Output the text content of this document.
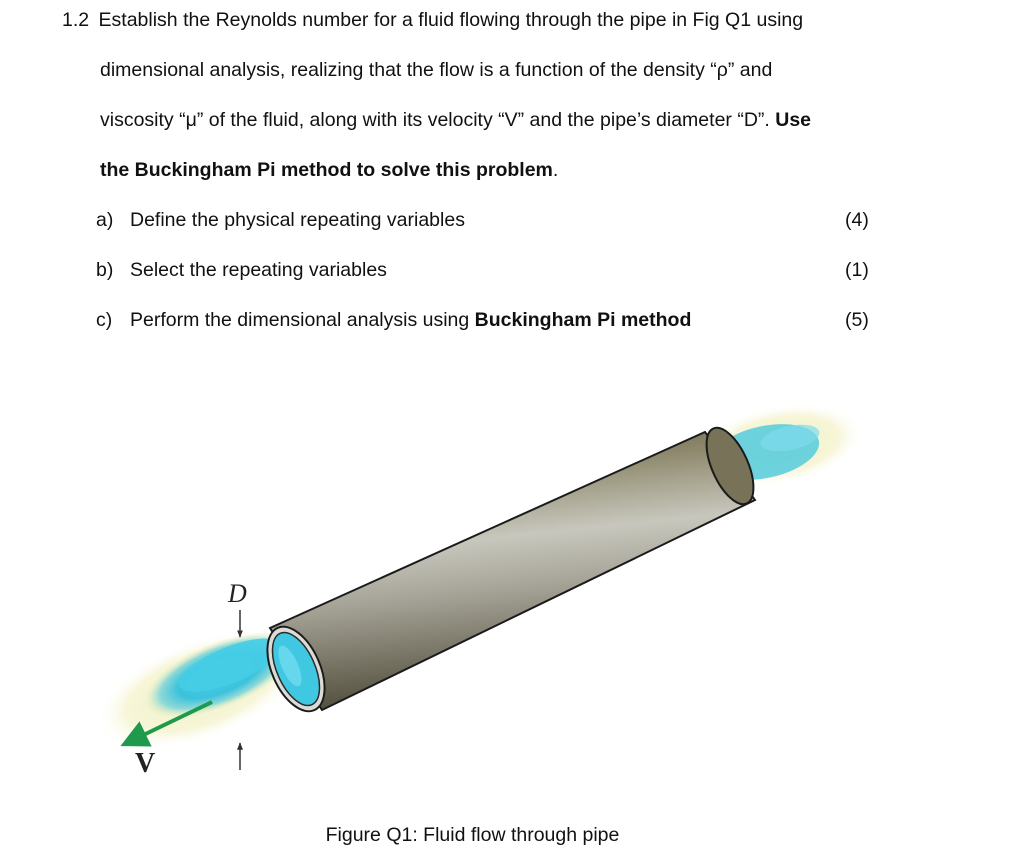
1.2 Establish the Reynolds number for a fluid flowing through the pipe in Fig Q1 using
dimensional analysis, realizing that the flow is a function of the density “ρ” and
viscosity “μ” of the fluid, along with its velocity “V” and the pipe’s diameter “D”. Use
the Buckingham Pi method to solve this problem.
a) Define the physical repeating variables	(4)
b) Select the repeating variables	(1)
c) Perform the dimensional analysis using Buckingham Pi method	(5)
D
V
Figure Q1: Fluid flow through pipe
